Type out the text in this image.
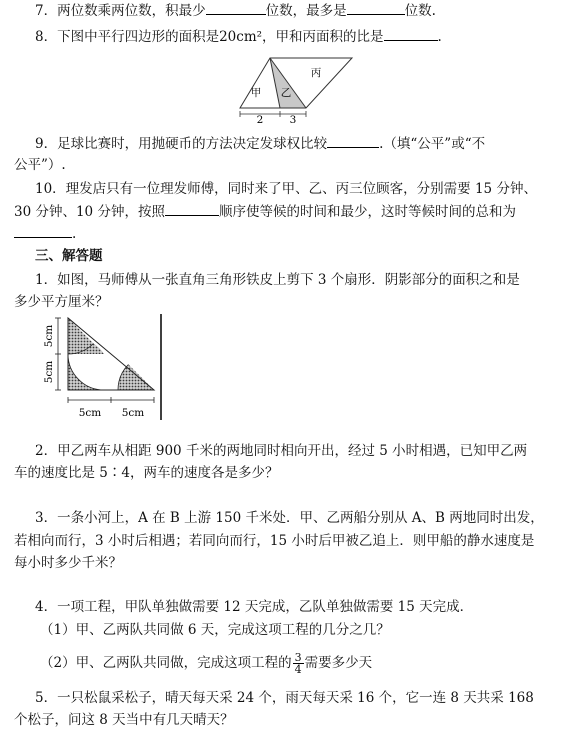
7．两位数乘两位数，积最少	位数，最多是	位数.
8．下图中平行四边形的面积是20cm²，甲和丙面积的比是	.
甲 乙
丙
2	3
9．足球比赛时，用抛硬币的方法决定发球权比较	.（填“公平”或“不
公平”）.
10．理发店只有一位理发师傅，同时来了甲、乙、丙三位顾客，分别需要 15 分钟、
30 分钟、10 分钟，按照	顺序使等候的时间和最少，这时等候时间的总和为
.
三、解答题
1．如图，马师傅从一张直角三角形铁皮上剪下 3 个扇形．阴影部分的面积之和是
多少平方厘米？
5cm
5cm
5cm 5cm
2．甲乙两车从相距 900 千米的两地同时相向开出，经过 5 小时相遇，已知甲乙两
车的速度比是 5∶4，两车的速度各是多少？
3．一条小河上，A 在 B 上游 150 千米处．甲、乙两船分别从 A、B 两地同时出发，
若相向而行，3 小时后相遇；若同向而行，15 小时后甲被乙追上．则甲船的静水速度是
每小时多少千米？
4．一项工程，甲队单独做需要 12 天完成，乙队单独做需要 15 天完成．
（1）甲、乙两队共同做 6 天，完成这项工程的几分之几？
（2）甲、乙两队共同做，完成这项工程的 $\frac{3}{4}$ 需要多少天
5．一只松鼠采松子，晴天每天采 24 个，雨天每天采 16 个，它一连 8 天共采 168
个松子，问这 8 天当中有几天晴天？
